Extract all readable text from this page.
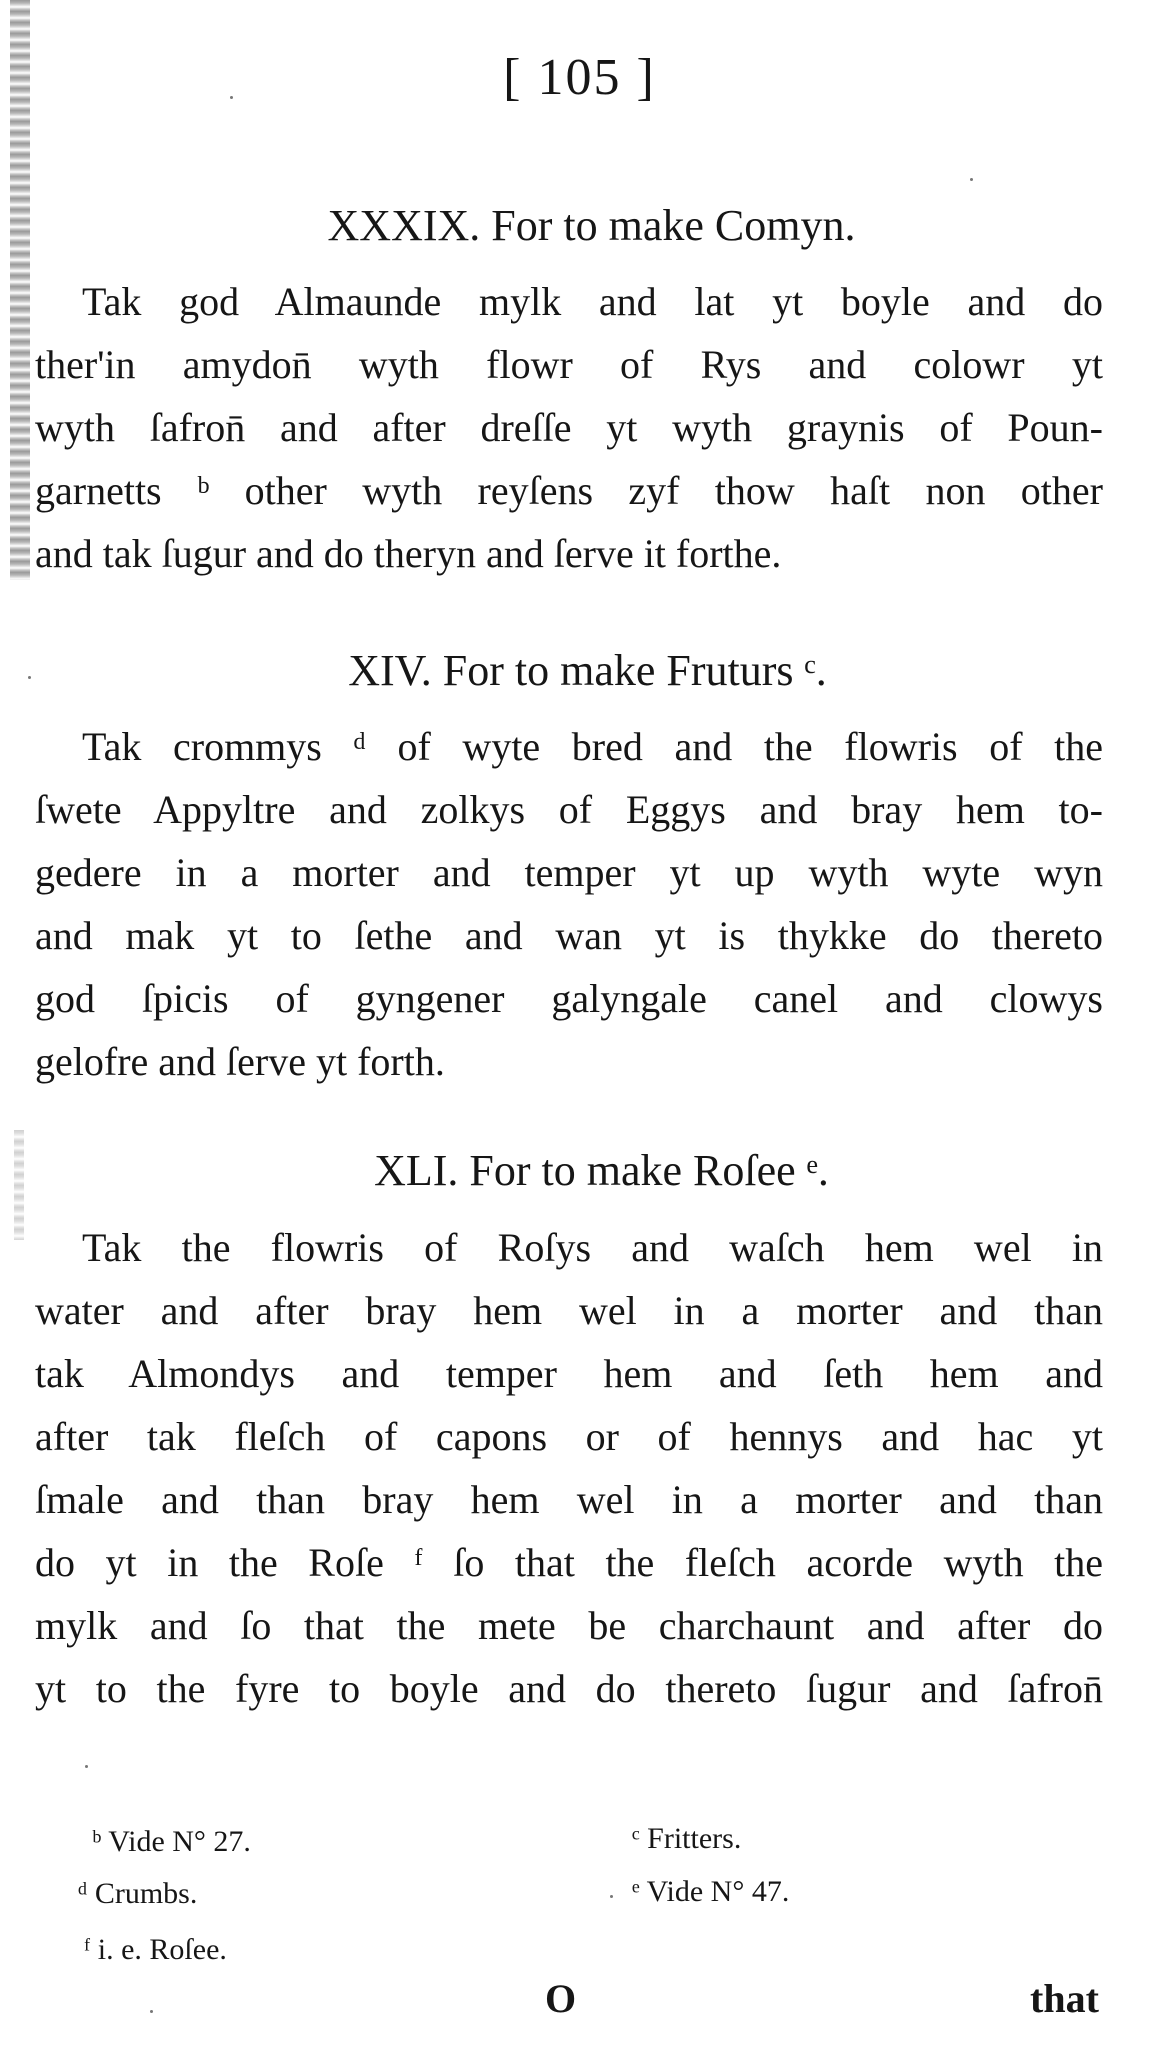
[ 105 ]
XXXIX. For to make Comyn.
Tak god Almaunde mylk and lat yt boyle and do
ther'in amydon̄ wyth flowr of Rys and colowr yt
wyth ſafron̄ and after dreſſe yt wyth graynis of Poun-
garnetts ᵇ other wyth reyſens zyf thow haſt non other
and tak ſugur and do theryn and ſerve it forthe.
XIV. For to make Fruturs ᶜ.
Tak crommys ᵈ of wyte bred and the flowris of the
ſwete Appyltre and zolkys of Eggys and bray hem to-
gedere in a morter and temper yt up wyth wyte wyn
and mak yt to ſethe and wan yt is thykke do thereto
god ſpicis of gyngener galyngale canel and clowys
gelofre and ſerve yt forth.
XLI. For to make Roſee ᵉ.
Tak the flowris of Roſys and waſch hem wel in
water and after bray hem wel in a morter and than
tak Almondys and temper hem and ſeth hem and
after tak fleſch of capons or of hennys and hac yt
ſmale and than bray hem wel in a morter and than
do yt in the Roſe ᶠ ſo that the fleſch acorde wyth the
mylk and ſo that the mete be charchaunt and after do
yt to the fyre to boyle and do thereto ſugur and ſafron̄
ᵇ Vide N° 27.	ᶜ Fritters.
ᵈ Crumbs.	ᵉ Vide N° 47.
ᶠ i. e. Roſee.
O	that
